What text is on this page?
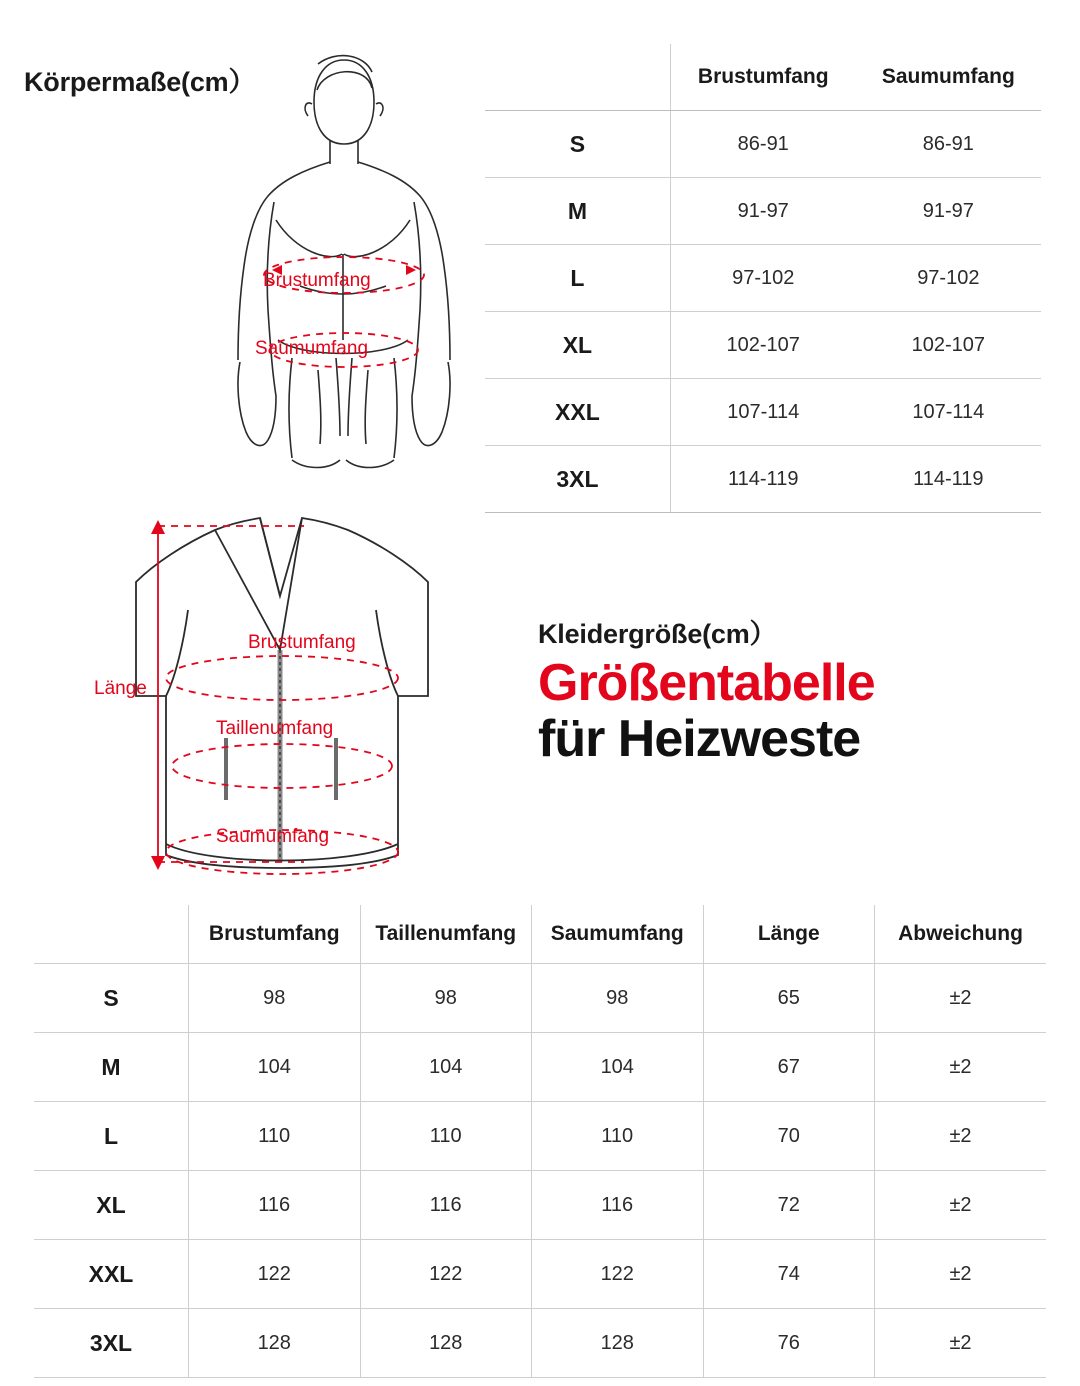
Körpermaße(cm）
Kleidergröße(cm）
Größentabelle
für Heizweste
Brustumfang
Saumumfang
Brustumfang
Taillenumfang
Saumumfang
Länge
	Brustumfang	Saumumfang
S	86-91	86-91
M	91-97	91-97
L	97-102	97-102
XL	102-107	102-107
XXL	107-114	107-114
3XL	114-119	114-119
	Brustumfang	Taillenumfang	Saumumfang	Länge	Abweichung
S	98	98	98	65	±2
M	104	104	104	67	±2
L	110	110	110	70	±2
XL	116	116	116	72	±2
XXL	122	122	122	74	±2
3XL	128	128	128	76	±2
